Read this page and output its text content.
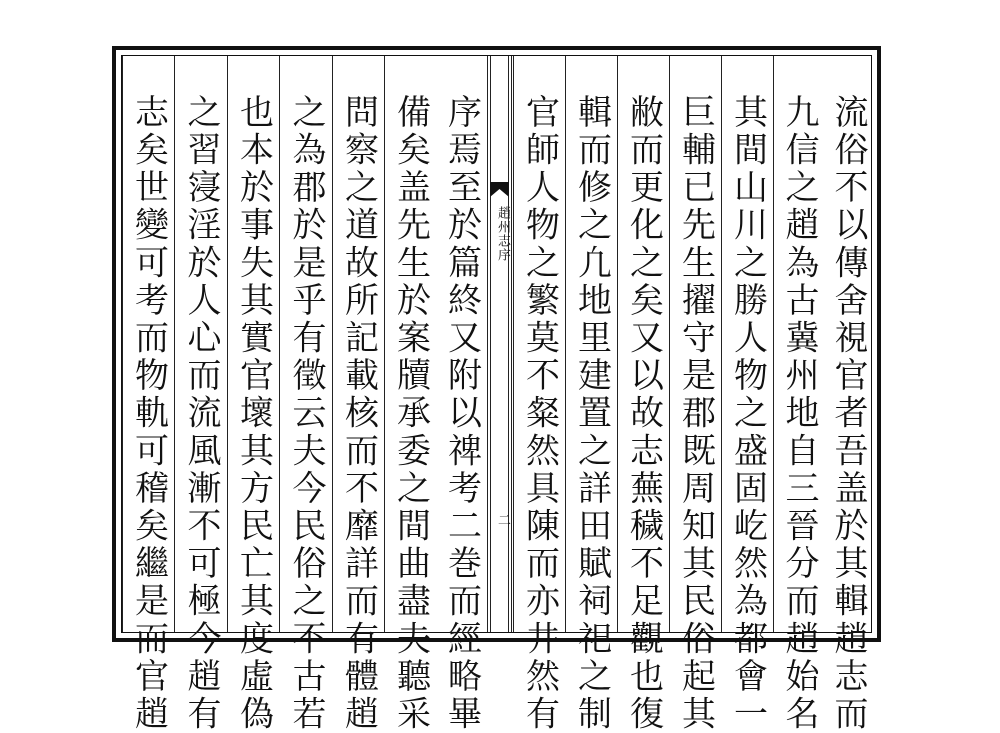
流俗不以傳舍視官者吾盖於其輯趙志而
九信之趙為古冀州地自三晉分而趙始名
其間山川之勝人物之盛固屹然為都會一
巨輔已先生擢守是郡既周知其民俗起其
敝而更化之矣又以故志蕪穢不足觀也復
輯而修之凢地里建置之詳田賦祠祀之制
官師人物之繁莫不粲然具陳而亦井然有
趙州志序
二
序焉至於篇終又附以禆考二巻而經略畢
備矣盖先生於案牘承委之間曲盡夫聽采
問察之道故所記載核而不靡詳而有體趙
之為郡於是乎有徵云夫今民俗之不古若
也本於事失其實官壞其方民亡其度虛偽
之習寖淫於人心而流風漸不可極今趙有
志矣世變可考而物軌可稽矣繼是而官趙
